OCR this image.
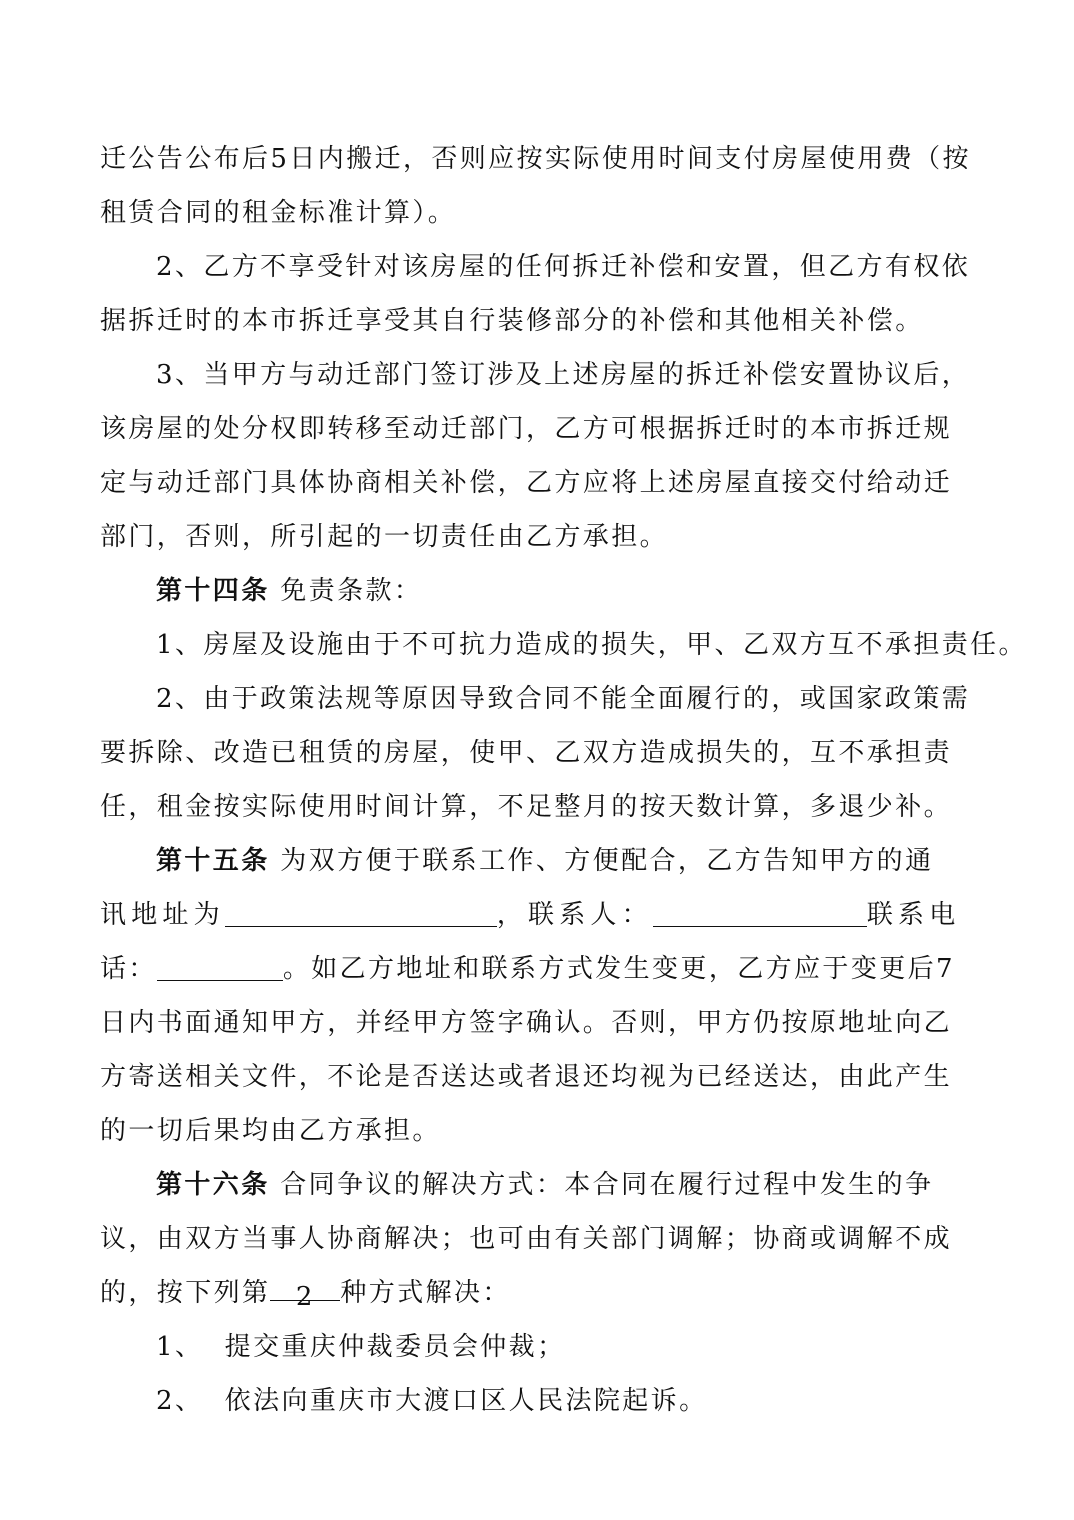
迁公告公布后5日内搬迁，否则应按实际使用时间支付房屋使用费（按
租赁合同的租金标准计算）。
2、乙方不享受针对该房屋的任何拆迁补偿和安置，但乙方有权依
据拆迁时的本市拆迁享受其自行装修部分的补偿和其他相关补偿。
3、当甲方与动迁部门签订涉及上述房屋的拆迁补偿安置协议后，
该房屋的处分权即转移至动迁部门，乙方可根据拆迁时的本市拆迁规
定与动迁部门具体协商相关补偿，乙方应将上述房屋直接交付给动迁
部门，否则，所引起的一切责任由乙方承担。
第十四条 免责条款：
1、房屋及设施由于不可抗力造成的损失，甲、乙双方互不承担责任。
2、由于政策法规等原因导致合同不能全面履行的，或国家政策需
要拆除、改造已租赁的房屋，使甲、乙双方造成损失的，互不承担责
任，租金按实际使用时间计算，不足整月的按天数计算，多退少补。
第十五条 为双方便于联系工作、方便配合，乙方告知甲方的通
讯地址为	，联系人：	联系电
话：	。如乙方地址和联系方式发生变更，乙方应于变更后7
日内书面通知甲方，并经甲方签字确认。否则，甲方仍按原地址向乙
方寄送相关文件，不论是否送达或者退还均视为已经送达，由此产生
的一切后果均由乙方承担。
第十六条 合同争议的解决方式：本合同在履行过程中发生的争
议，由双方当事人协商解决；也可由有关部门调解；协商或调解不成
的，按下列第 2 种方式解决：
1、  提交重庆仲裁委员会仲裁；
2、  依法向重庆市大渡口区人民法院起诉。
